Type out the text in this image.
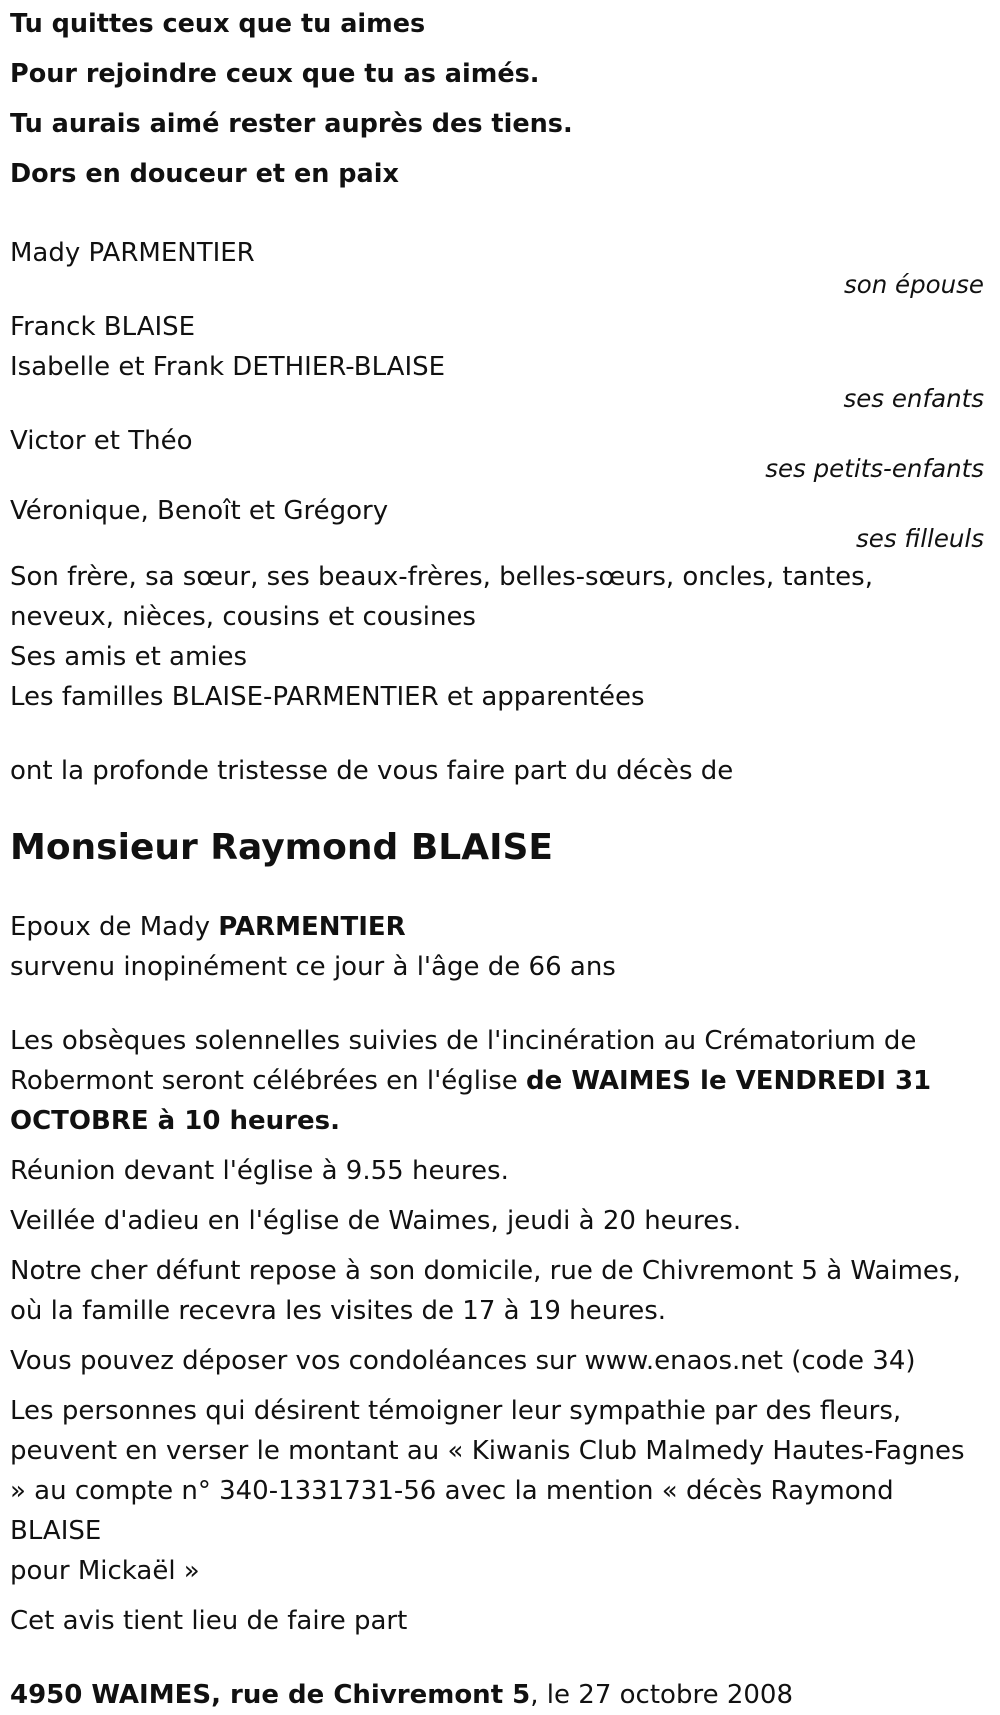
Tu quittes ceux que tu aimes

Pour rejoindre ceux que tu as aimés.

Tu aurais aimé rester auprès des tiens.

Dors en douceur et en paix

Mady PARMENTIER

son épouse

Franck BLAISE

Isabelle et Frank DETHIER-BLAISE

ses enfants

Victor et Théo

ses petits-enfants

Véronique, Benoît et Grégory

ses filleuls

Son frère, sa sœur, ses beaux-frères, belles-sœurs, oncles, tantes,

neveux, nièces, cousins et cousines

Ses amis et amies

Les familles BLAISE-PARMENTIER et apparentées

ont la profonde tristesse de vous faire part du décès de

Monsieur Raymond BLAISE

Epoux de Mady PARMENTIER

survenu inopinément ce jour à l'âge de 66 ans

Les obsèques solennelles suivies de l'incinération au Crématorium de

Robermont seront célébrées en l'église de WAIMES le VENDREDI 31

OCTOBRE à 10 heures.

Réunion devant l'église à 9.55 heures.

Veillée d'adieu en l'église de Waimes, jeudi à 20 heures.

Notre cher défunt repose à son domicile, rue de Chivremont 5 à Waimes,

où la famille recevra les visites de 17 à 19 heures.

Vous pouvez déposer vos condoléances sur www.enaos.net (code 34)

Les personnes qui désirent témoigner leur sympathie par des fleurs,

peuvent en verser le montant au « Kiwanis Club Malmedy Hautes-Fagnes

» au compte n° 340-1331731-56 avec la mention « décès Raymond BLAISE

pour Mickaël »

Cet avis tient lieu de faire part

4950 WAIMES, rue de Chivremont 5, le 27 octobre 2008
